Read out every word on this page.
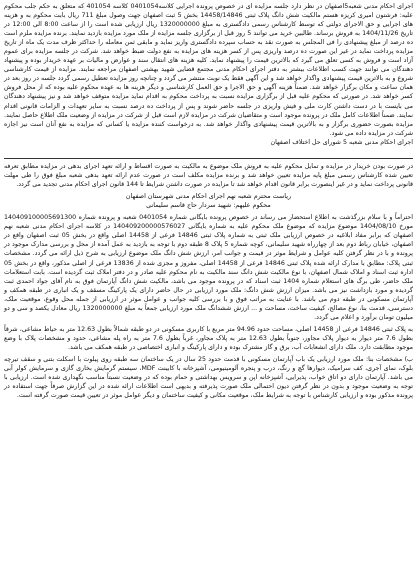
اجرای احکام مدنی شعبه5اصفهان در نظر دارد جلسه مزایده ای در خصوص پرونده اجرایی کلاسه0401054 کلاسه 401054 که متعلق به حکم جلب محکوم علیه: فرشتون امیری کریزه هستم مالکیت شش دانگ پلاک ثبتی 14458/14846 بخش 5 ثبت اصفهان جهت وصول مبلغ 711 ریال بابت محکوم به و هزینه های اجرایی و حق الاجرای دولتی که توسط کارشناس رسمی دادگستری به مبلغ 1320000000 ریال ارزیابی شده است را از ساعت 8:00 الی 12:00 در تاریخ 1404/11/26 به فروش برساند. طالبین خرید می توانند 5 روز قبل از برگزاری جلسه مزایده از ملک مورد مزایده بازدید نمایند. برنده مزایده ملزم است ده درصد از مبلغ پیشنهادی را فی المجلس به صورت نقد به حساب سپرده دادگستری واریز نماید و مابقی ثمن معامله را حداکثر ظرف مدت یک ماه از تاریخ مزایده پرداخت نماید در غیر این صورت ده درصد واریزی پس از کسر هزینه های مزایده به نفع دولت ضبط خواهد شد. شرکت در جلسه مزایده برای عموم آزاد است و فروش به کسی تعلق می گیرد که بالاترین قیمت را پیشنهاد نماید. کلیه هزینه های انتقال سند و عوارض و مالیات بر عهده خریدار بوده و پیشنهاد دهندگان می توانند جهت کسب اطلاعات بیشتر به دفتر اجرای احکام مدنی مجتمع قضایی شهید بهشتی اصفهان مراجعه نمایند. مزایده از قیمت کارشناسی شروع و به بالاترین قیمت پیشنهادی واگذار خواهد شد و این آگهی فقط یک نوبت منتشر می گردد و چنانچه روز مزایده تعطیل رسمی گردد جلسه در روز بعد در همان ساعت و مکان برگزار خواهد شد. ضمناً هزینه آگهی و حق الاجرا و حق العمل کارشناسی و دیگر هزینه ها به عهده محکوم علیه بوده که از محل فروش کسر خواهد شد. در صورتی که محکوم علیه قبل از برگزاری مزایده نسبت به پرداخت محکوم به اقدام نماید مزایده متوقف خواهد شد و نیز پیشنهاد دهندگان می بایست با در دست داشتن کارت ملی و فیش واریزی در جلسه حاضر شوند و پس از پرداخت ده درصد نسبت به سایر تعهدات و الزامات قانونی اقدام نمایند. ضمناً اطلاعات کامل ملک در پرونده موجود است و متقاضیان شرکت در مزایده لازم است قبل از شرکت در مزایده از وضعیت ملک اطلاع حاصل نمایند. مزایده بصورت حضوری برگزار و به بالاترین قیمت پیشنهادی واگذار خواهد شد. به درخواست کننده مزایده یا کسانی که مزایده به نفع آنان است نیز اجازه شرکت در مزایده داده می شود.

اجرای احکام مدنی شعبه 5 شورای حل اختلاف اصفهان

در صورت بودن خریدار در مزایده و تمایل محکوم علیه به فروش ملک موضوع به مالکیت به صورت اقساط و ارائه تعهد اجرای بدهی در مزایده مطابق تعرفه تعیین شده کارشناس رسمی مبلغ پایه مزایده تعیین خواهد شد و برنده مزایده مکلف است در صورت عدم ارائه تعهد بدهی شعبه مبلغ فوق را طی مهلت قانونی پرداخت نماید و در غیر اینصورت برابر قانون اقدام خواهد شد تا مزایده در صورت داشتن شرایط تا 144 قانون اجرای احکام مدنی تجدید می گردد.

ریاست محترم شعبه نهم اجرای احکام مدنی شهرستان اصفهان

محکوم علیهم: شهید سردار حاج قاسم سلیمانی

احتراماً و با سلام بزرگذشت به اطلاع استحضار می رساند در خصوص پرونده بایگانی شماره 0401054 شعبه و پرونده شماره 140409100005691300 مورخ 1404/08/10 موضوع مزایده که موضوع ملک محکوم علیه به شماره بایگانی 140409200000576027 در کلاسه اجرای احکام مدنی شعبه نهم اصفهان که برابر مفاد ابلاغیه در خصوص ارزیابی ملک ثبتی به شماره پلاک ثبتی 14846 فرعی از 14458 اصلی واقع در بخش 05 ثبت اصفهان واقع در اصفهان، خیابان رباط دوم بعد از چهارراه شهید سلیمانی، کوچه شماره 5 پلاک 8 طبقه دوم با توجه به بازدید به عمل آمده از محل و بررسی مدارک موجود در پرونده و با در نظر گرفتن کلیه عوامل و شرایط موثر در قیمت و جوانب امر، ارزش شش دانگ ملک موضوع ارزیابی به شرح ذیل ارائه می گردد. مشخصات ثبتی پلاک: مطابق با مدارک ارائه شده پلاک ثبتی 14846 فرعی از 14458 اصلی، مفروز و مجزی شده از 13836 فرعی از اصلی مذکور، واقع در بخش 05 اداره ثبت اسناد و املاک شمال اصفهان، با نوع مالکیت شش دانگ سند مالکیت به نام محکوم علیه صادر و در دفتر املاک ثبت گردیده است. بابت استعلامات ملک حاضر، طی برگ های استعلام شماره 1404 ثبت اسناد که در پرونده موجود می باشد، مالکیت شش دانگ آپارتمان فوق به نام آقای جواد احمدی ثبت گردیده و مورد بازداشت نیز می باشد. میزان ارزش شش دانگ: ملک مورد ارزیابی در حال حاضر دارای یک پارکینگ مسقف و یک انباری در طبقه همکف و آپارتمان مسکونی در طبقه دوم می باشد. با عنایت به مراتب فوق و با بررسی کلیه جوانب و عوامل موثر در ارزیابی از جمله محل وقوع، موقعیت ملک، دسترسی، قدمت بنا، نوع مصالح، کیفیت ساخت، مساحت و ... ارزش ششدانگ ملک مورد ارزیابی جمعاً به مبلغ 1320000000 ریال معادل یکصد و سی و دو میلیون تومان برآورد و اعلام می گردد.

به پلاک ثبتی 14846 فرعی از 14458 اصلی، مساحت حدود 94.96 متر مربع با کاربری مسکونی در دو طبقه شمالاً بطول 12.63 متر به حیاط مشاعی، شرقاً بطول 7.6 متر دیوار به دیوار پلاک مجاور، جنوباً بطول 12.63 متر به پلاک مجاور، غرباً بطول 7.6 متر به راه پله مشاعی، حدود و مشخصات پلاک با وضع موجود مطابقت دارد. ملک دارای انشعابات آب، برق و گاز مشترک بوده و دارای پارکینگ و انباری اختصاصی در طبقه همکف می باشد.

ب) مشخصات بنا: ملک مورد ارزیابی یک باب آپارتمان مسکونی با قدمت حدود 25 سال در یک ساختمان سه طبقه روی پیلوت با اسکلت بتنی و سقف تیرچه بلوک، نمای آجری، کف سرامیک، دیوارها گچ و رنگ، درب و پنجره آلومینیومی، آشپزخانه با کابینت MDF، سیستم گرمایش بخاری گازی و سرمایش کولر آبی می باشد. آپارتمان دارای دو اتاق خواب، پذیرایی، آشپزخانه اپن و سرویس بهداشتی و حمام بوده که در وضعیت نسبتاً مناسب نگهداری شده است. ارزیابی با توجه به وضعیت موجود و بدون در نظر گرفتن دیون احتمالی ملک صورت پذیرفته و بدیهی است اطلاعات ارائه شده در این گزارش صرفاً جهت استفاده در پرونده مذکور بوده و ارزیابی کارشناس با توجه به شرایط ملک، موقعیت مکانی و کیفیت ساختمان و دیگر عوامل موثر در تعیین قیمت صورت گرفته است.
